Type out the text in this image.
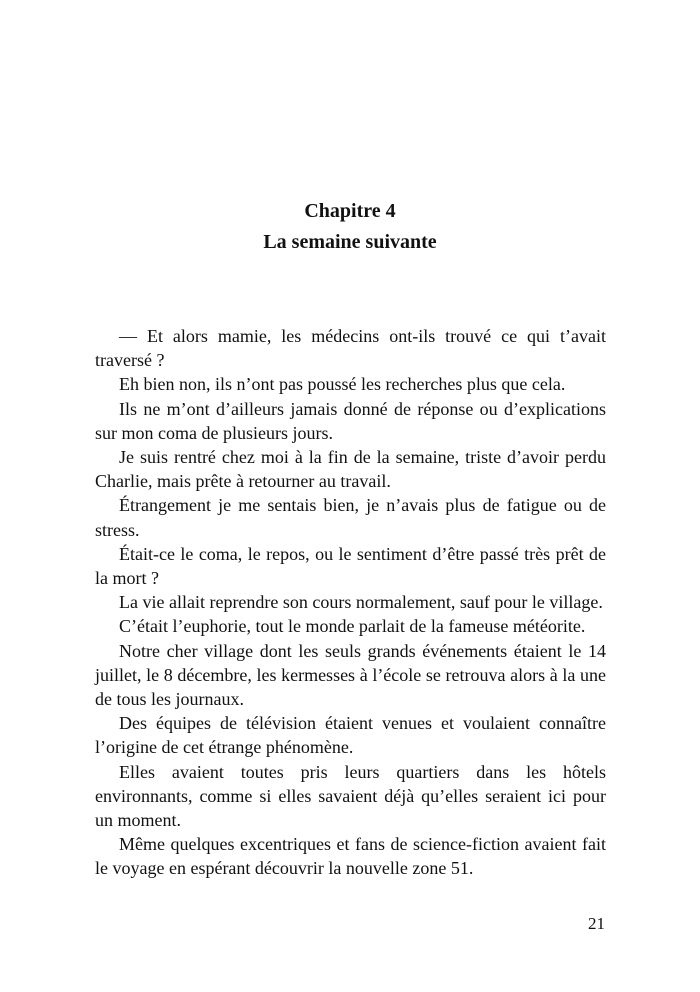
Chapitre 4
La semaine suivante

— Et alors mamie, les médecins ont-ils trouvé ce qui t’avait traversé ?

Eh bien non, ils n’ont pas poussé les recherches plus que cela.

Ils ne m’ont d’ailleurs jamais donné de réponse ou d’explications sur mon coma de plusieurs jours.

Je suis rentré chez moi à la fin de la semaine, triste d’avoir perdu Charlie, mais prête à retourner au travail.

Étrangement je me sentais bien, je n’avais plus de fatigue ou de stress.

Était-ce le coma, le repos, ou le sentiment d’être passé très prêt de la mort ?

La vie allait reprendre son cours normalement, sauf pour le village.

C’était l’euphorie, tout le monde parlait de la fameuse météorite.

Notre cher village dont les seuls grands événements étaient le 14 juillet, le 8 décembre, les kermesses à l’école se retrouva alors à la une de tous les journaux.

Des équipes de télévision étaient venues et voulaient connaître l’origine de cet étrange phénomène.

Elles avaient toutes pris leurs quartiers dans les hôtels environnants, comme si elles savaient déjà qu’elles seraient ici pour un moment.

Même quelques excentriques et fans de science-fiction avaient fait le voyage en espérant découvrir la nouvelle zone 51.

21
